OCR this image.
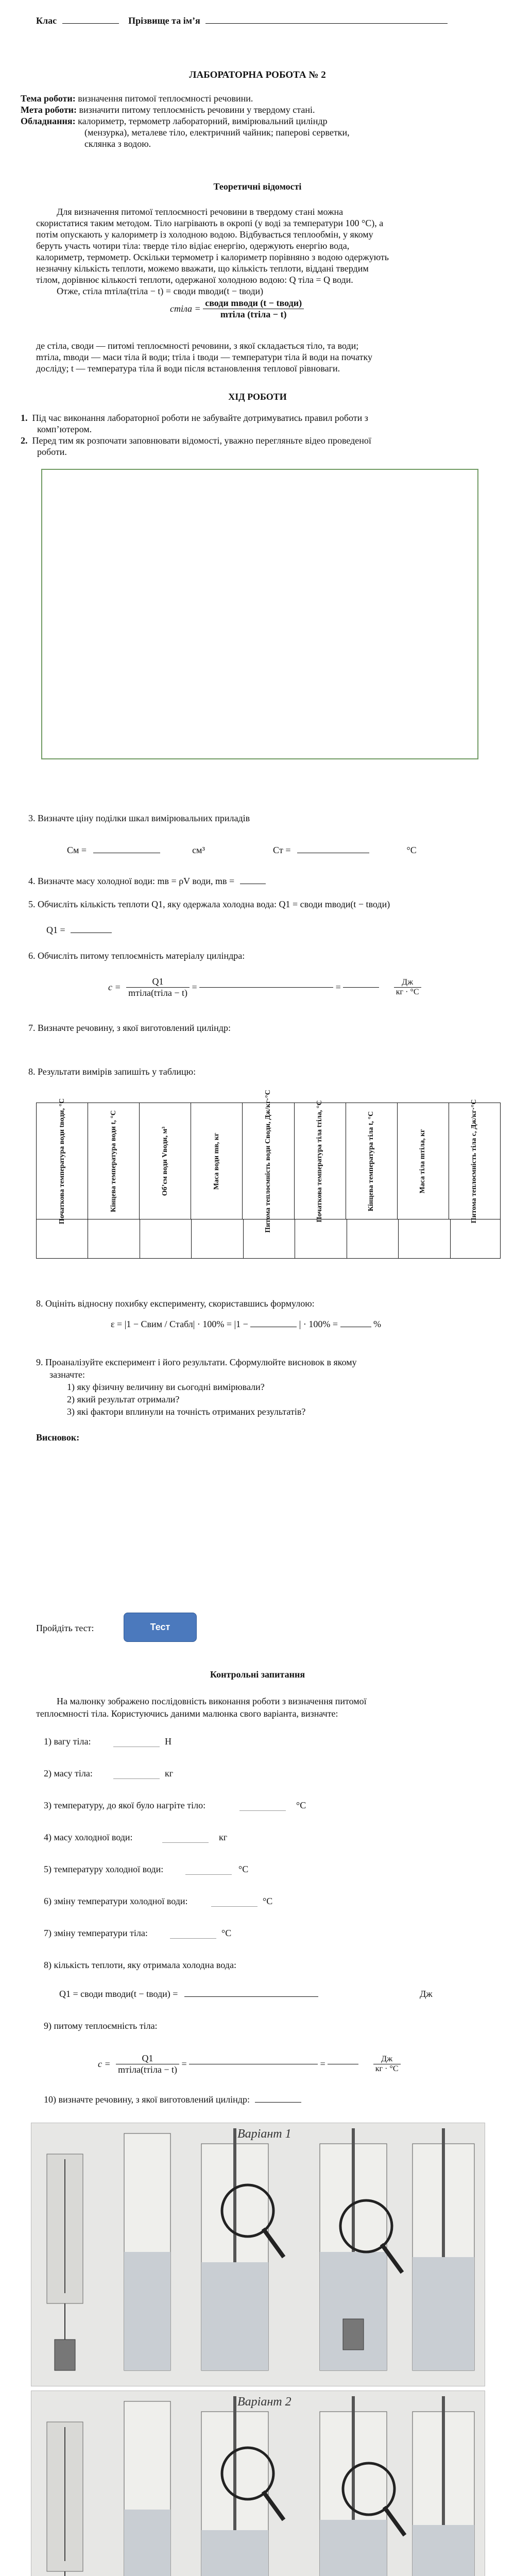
Клас	Прізвище та ім’я
ЛАБОРАТОРНА РОБОТА № 2
Тема роботи: визначення питомої теплоємності речовини.
Мета роботи: визначити питому теплоємність речовини у твердому стані.
Обладнання: калориметр, термометр лабораторний, вимірювальний циліндр
(мензурка), металеве тіло, електричний чайник; паперові серветки,
склянка з водою.
Теоретичні відомості
Для визначення питомої теплоємності речовини в твердому стані можна
скористатися таким методом. Тіло нагрівають в окропі (у воді за температури 100 °С), а
потім опускають у калориметр із холодною водою. Відбувається теплообмін, у якому
беруть участь чотири тіла: тверде тіло відіає енергію, одержують енергію вода,
калориметр, термометр. Оскільки термометр і калориметр порівняно з водою одержують
незначну кількість теплоти, можемо вважати, що кількість теплоти, віддані твердим
тілом, дорівнює кількості теплоти, одержаної холодною водою: Q тіла = Q води.
Отже, cтіла mтіла(tтіла − t) = cводи mводи(t − tводи)
cтіла = $\frac{\text{cводи mводи (t − tводи)}}{\text{mтіла (tтіла − t)}}$
де cтіла, cводи — питомі теплоємності речовини, з якої складається тіло, та води;
mтіла, mводи — маси тіла й води; tтіла і tводи — температури тіла й води на початку
досліду; t — температура тіла й води після встановлення теплової рівноваги.
ХІД РОБОТИ
1. Під час виконання лабораторної роботи не забувайте дотримуватись правил роботи з
комп’ютером.
2. Перед тим як розпочати заповнювати відомості, уважно перегляньте відео проведеної
роботи.
3. Визначте ціну поділки шкал вимірювальних приладів
Cм =	см³	Cт =	°С
4. Визначте масу холодної води: mв = ρV води, mв =
5. Обчисліть кількість теплоти Q1, яку одержала холодна вода: Q1 = cводи mводи(t − tводи)
Q1 =
6. Обчисліть питому теплоємність матеріалу циліндра:
$c = \frac{Q1}{\text{mтіла(tтіла − t)}}$ =	=	$\frac{Дж}{кг \cdot ^\circ С}$
7. Визначте речовину, з якої виготовлений циліндр:
8. Результати вимірів запишіть у таблицю:
Початкова температура води tводи, °С	Кінцева температура води t, °С	Об’єм води Vводи, м³	Маса води mв, кг	Питома теплоємність води Cводи, Дж/кг·°С	Початкова температура тіла tтіла, °С	Кінцева температура тіла t, °С	Маса тіла mтіла, кг	Питома теплоємність тіла c, Дж/кг·°С
8. Оцініть відносну похибку експерименту, скориставшись формулою:
ε = |1 − Cвим / Cтабл| · 100% = |1 −	| · 100% =	%
9. Проаналізуйте експеримент і його результати. Сформулюйте висновок в якому
зазначте:
1) яку фізичну величину ви сьогодні вимірювали?
2) який результат отримали?
3) які фактори вплинули на точність отриманих результатів?
Висновок:
Пройдіть тест:	Тест
Контрольні запитання
На малюнку зображено послідовність виконання роботи з визначення питомої
теплоємності тіла. Користуючись даними малюнка свого варіанта, визначте:
1) вагу тіла:	Н
2) масу тіла:	кг
3) температуру, до якої було нагріте тіло:	°С
4) масу холодної води:	кг
5) температуру холодної води:	°С
6) зміну температури холодної води:	°С
7) зміну температури тіла:	°С
8) кількість теплоти, яку отримала холодна вода:
Q1 = cводи mводи(t − tводи) =	Дж
9) питому теплоємність тіла:
$c = \frac{Q1}{\text{mтіла(tтіла − t)}}$ =	=	$\frac{Дж}{кг \cdot ^\circ С}$
10) визначте речовину, з якої виготовлений циліндр:
Варіант 1
Варіант 2
